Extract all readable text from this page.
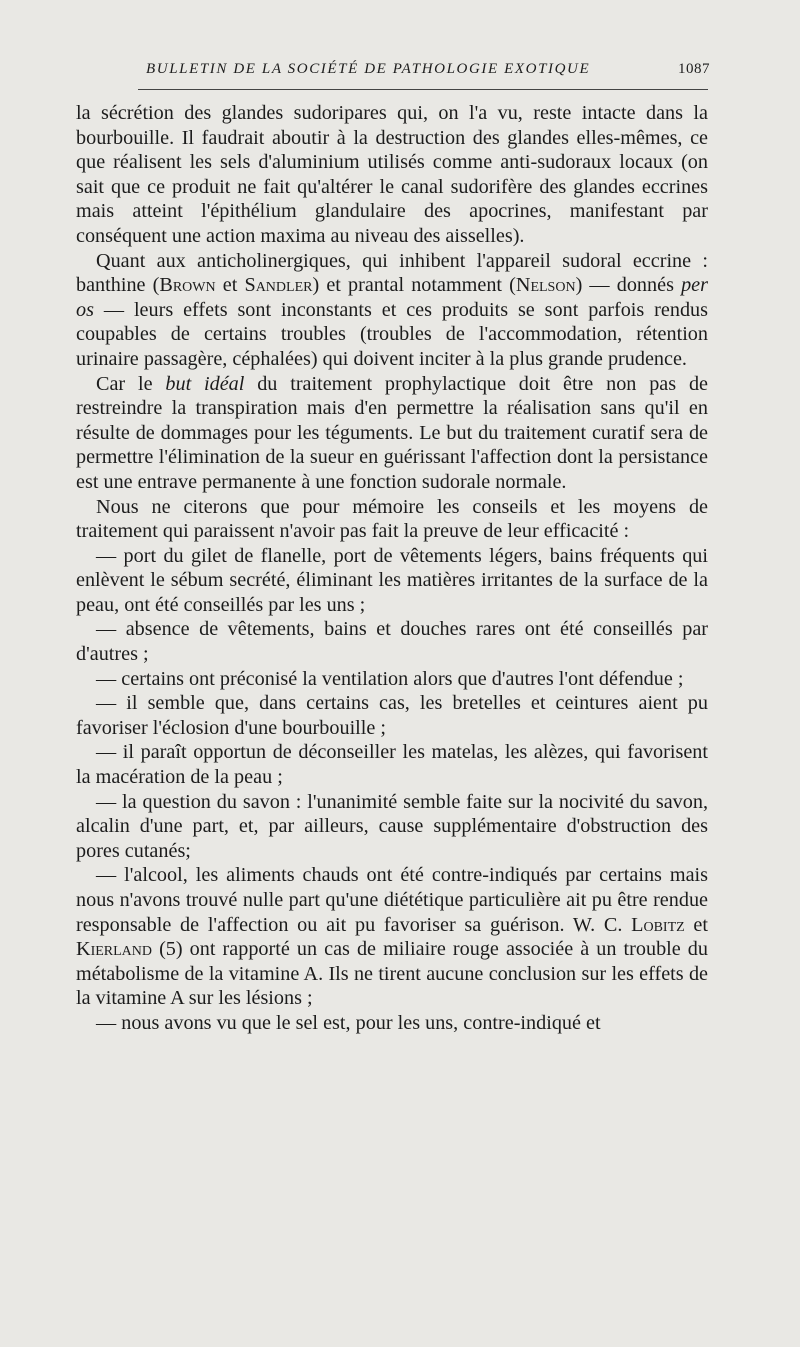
BULLETIN DE LA SOCIÉTÉ DE PATHOLOGIE EXOTIQUE	1087

la sécrétion des glandes sudoripares qui, on l'a vu, reste intacte dans la bourbouille. Il faudrait aboutir à la destruction des glandes elles-mêmes, ce que réalisent les sels d'aluminium utilisés comme anti-sudoraux locaux (on sait que ce produit ne fait qu'altérer le canal sudorifère des glandes eccrines mais atteint l'épithélium glandulaire des apocrines, manifestant par conséquent une action maxima au niveau des aisselles).

Quant aux anticholinergiques, qui inhibent l'appareil sudoral eccrine : banthine (Brown et Sandler) et prantal notamment (Nelson) — donnés per os — leurs effets sont inconstants et ces produits se sont parfois rendus coupables de certains troubles (troubles de l'accommodation, rétention urinaire passagère, céphalées) qui doivent inciter à la plus grande prudence.

Car le but idéal du traitement prophylactique doit être non pas de restreindre la transpiration mais d'en permettre la réalisation sans qu'il en résulte de dommages pour les téguments. Le but du traitement curatif sera de permettre l'élimination de la sueur en guérissant l'affection dont la persistance est une entrave permanente à une fonction sudorale normale.

Nous ne citerons que pour mémoire les conseils et les moyens de traitement qui paraissent n'avoir pas fait la preuve de leur efficacité :

— port du gilet de flanelle, port de vêtements légers, bains fréquents qui enlèvent le sébum secrété, éliminant les matières irritantes de la surface de la peau, ont été conseillés par les uns ;

— absence de vêtements, bains et douches rares ont été conseillés par d'autres ;

— certains ont préconisé la ventilation alors que d'autres l'ont défendue ;

— il semble que, dans certains cas, les bretelles et ceintures aient pu favoriser l'éclosion d'une bourbouille ;

— il paraît opportun de déconseiller les matelas, les alèzes, qui favorisent la macération de la peau ;

— la question du savon : l'unanimité semble faite sur la nocivité du savon, alcalin d'une part, et, par ailleurs, cause supplémentaire d'obstruction des pores cutanés;

— l'alcool, les aliments chauds ont été contre-indiqués par certains mais nous n'avons trouvé nulle part qu'une diététique particulière ait pu être rendue responsable de l'affection ou ait pu favoriser sa guérison. W. C. Lobitz et Kierland (5) ont rapporté un cas de miliaire rouge associée à un trouble du métabolisme de la vitamine A. Ils ne tirent aucune conclusion sur les effets de la vitamine A sur les lésions ;

— nous avons vu que le sel est, pour les uns, contre-indiqué et
